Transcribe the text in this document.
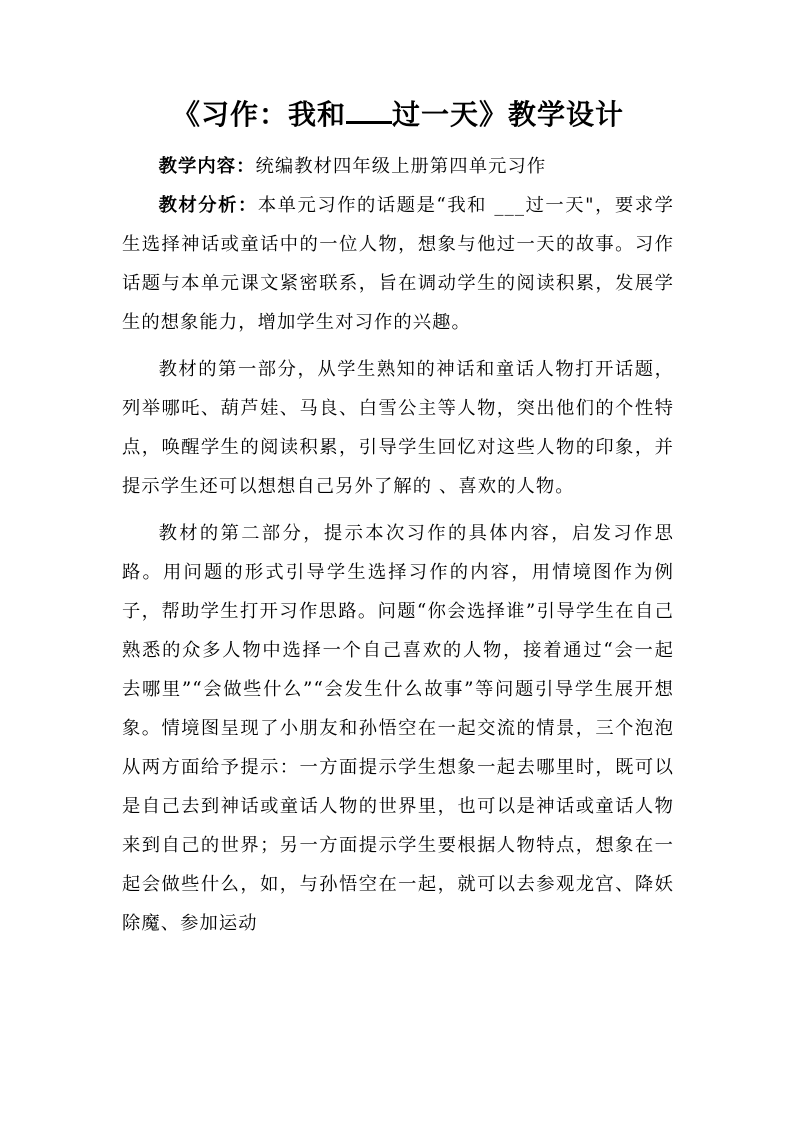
《习作：我和 过一天》教学设计

教学内容：统编教材四年级上册第四单元习作

教材分析：本单元习作的话题是“我和 ___过一天"，要求学生选择神话或童话中的一位人物，想象与他过一天的故事。习作话题与本单元课文紧密联系，旨在调动学生的阅读积累，发展学生的想象能力，增加学生对习作的兴趣。

教材的第一部分，从学生熟知的神话和童话人物打开话题，列举哪吒、葫芦娃、马良、白雪公主等人物，突出他们的个性特点，唤醒学生的阅读积累，引导学生回忆对这些人物的印象，并提示学生还可以想想自己另外了解的 、喜欢的人物。

教材的第二部分，提示本次习作的具体内容，启发习作思路。用问题的形式引导学生选择习作的内容，用情境图作为例子，帮助学生打开习作思路。问题“你会选择谁”引导学生在自己熟悉的众多人物中选择一个自己喜欢的人物，接着通过“会一起去哪里”“会做些什么”“会发生什么故事”等问题引导学生展开想象。情境图呈现了小朋友和孙悟空在一起交流的情景，三个泡泡从两方面给予提示：一方面提示学生想象一起去哪里时，既可以是自己去到神话或童话人物的世界里，也可以是神话或童话人物来到自己的世界；另一方面提示学生要根据人物特点，想象在一起会做些什么，如，与孙悟空在一起，就可以去参观龙宫、降妖除魔、参加运动
